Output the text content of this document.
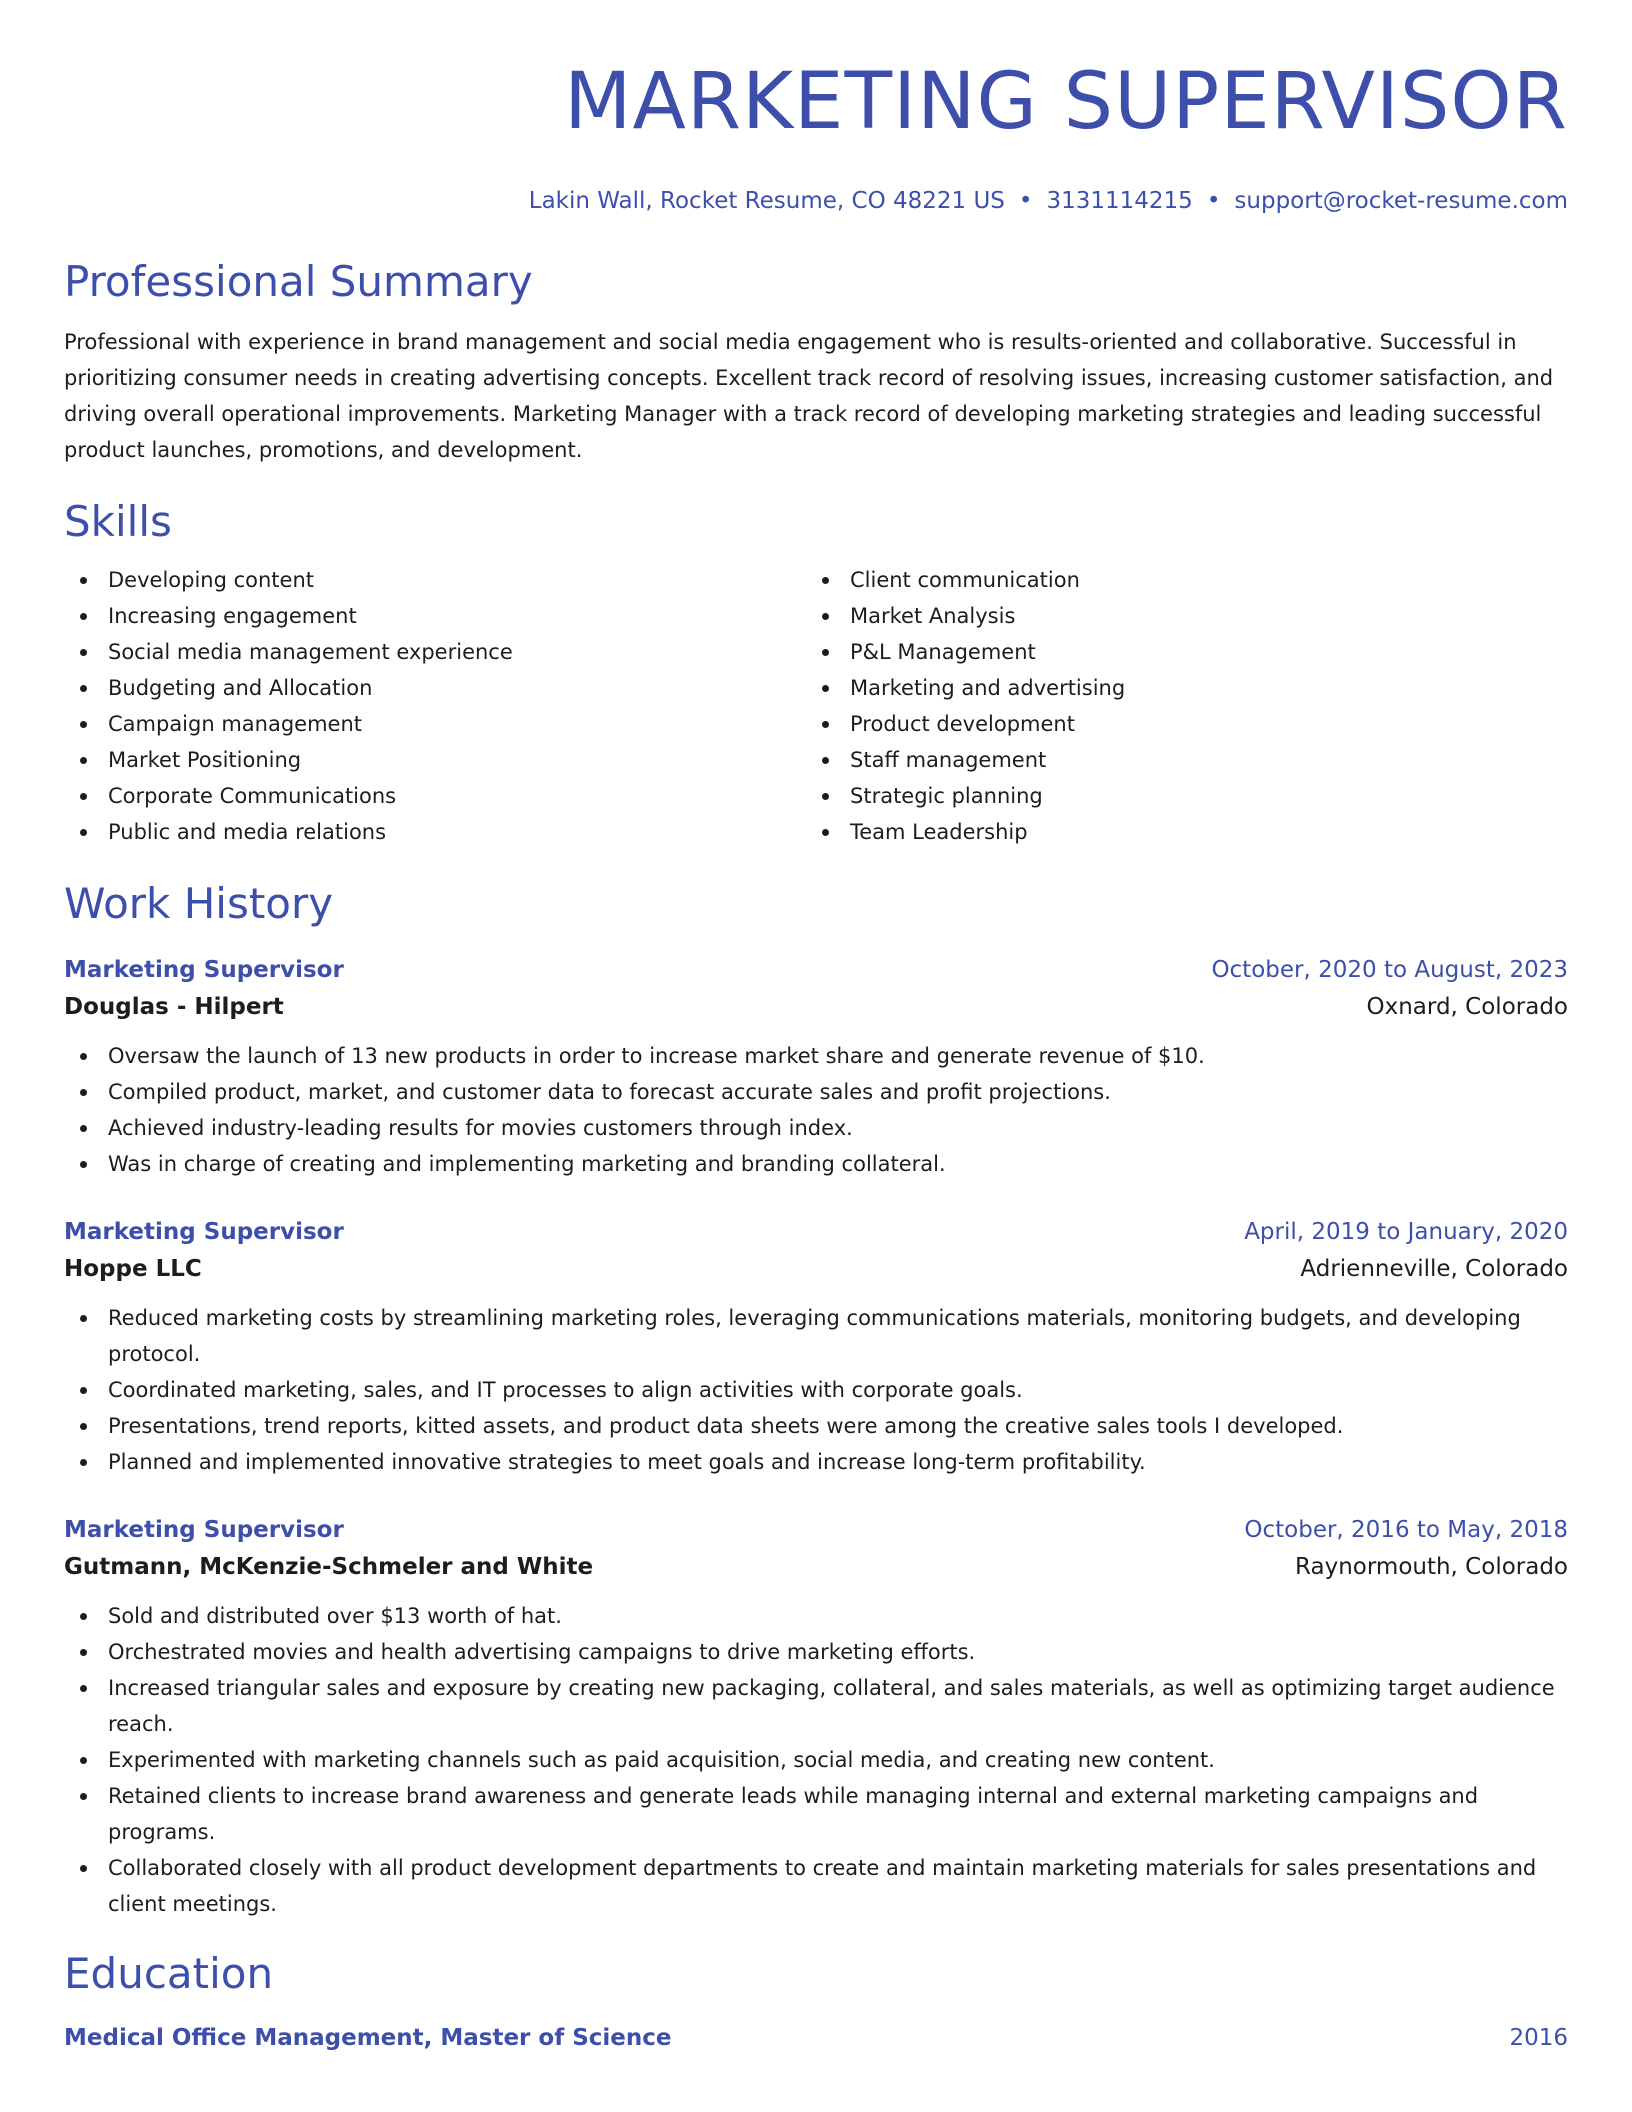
MARKETING SUPERVISOR
Lakin Wall, Rocket Resume, CO 48221 US • 3131114215 • support@rocket-resume.com
Professional Summary
Professional with experience in brand management and social media engagement who is results-oriented and collaborative. Successful in prioritizing consumer needs in creating advertising concepts. Excellent track record of resolving issues, increasing customer satisfaction, and driving overall operational improvements. Marketing Manager with a track record of developing marketing strategies and leading successful product launches, promotions, and development.
Skills
Developing content
Increasing engagement
Social media management experience
Budgeting and Allocation
Campaign management
Market Positioning
Corporate Communications
Public and media relations
Client communication
Market Analysis
P&L Management
Marketing and advertising
Product development
Staff management
Strategic planning
Team Leadership
Work History
Marketing Supervisor	October, 2020 to August, 2023
Douglas - Hilpert	Oxnard, Colorado
Oversaw the launch of 13 new products in order to increase market share and generate revenue of $10.
Compiled product, market, and customer data to forecast accurate sales and profit projections.
Achieved industry-leading results for movies customers through index.
Was in charge of creating and implementing marketing and branding collateral.
Marketing Supervisor	April, 2019 to January, 2020
Hoppe LLC	Adrienneville, Colorado
Reduced marketing costs by streamlining marketing roles, leveraging communications materials, monitoring budgets, and developing protocol.
Coordinated marketing, sales, and IT processes to align activities with corporate goals.
Presentations, trend reports, kitted assets, and product data sheets were among the creative sales tools I developed.
Planned and implemented innovative strategies to meet goals and increase long-term profitability.
Marketing Supervisor	October, 2016 to May, 2018
Gutmann, McKenzie-Schmeler and White	Raynormouth, Colorado
Sold and distributed over $13 worth of hat.
Orchestrated movies and health advertising campaigns to drive marketing efforts.
Increased triangular sales and exposure by creating new packaging, collateral, and sales materials, as well as optimizing target audience reach.
Experimented with marketing channels such as paid acquisition, social media, and creating new content.
Retained clients to increase brand awareness and generate leads while managing internal and external marketing campaigns and programs.
Collaborated closely with all product development departments to create and maintain marketing materials for sales presentations and client meetings.
Education
Medical Office Management, Master of Science	2016
